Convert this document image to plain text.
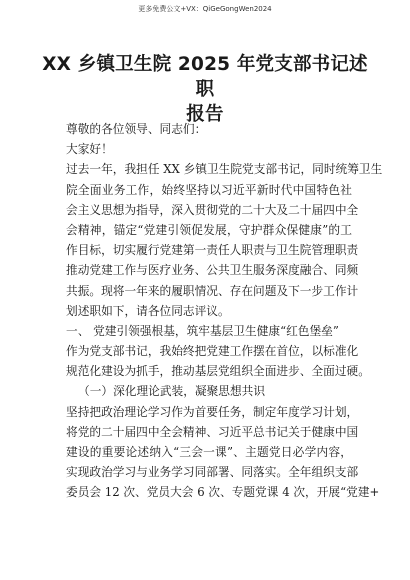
更多免费公文+VX：QiGeGongWen2024
XX 乡镇卫生院 2025 年党支部书记述职
报告
尊敬的各位领导、同志们：
大家好！
过去一年，我担任 XX 乡镇卫生院党支部书记，同时统筹卫生
院全面业务工作，始终坚持以习近平新时代中国特色社
会主义思想为指导，深入贯彻党的二十大及二十届四中全
会精神，锚定“党建引领促发展，守护群众保健康”的工
作目标，切实履行党建第一责任人职责与卫生院管理职责
推动党建工作与医疗业务、公共卫生服务深度融合、同频
共振。现将一年来的履职情况、存在问题及下一步工作计
划述职如下，请各位同志评议。
一、 党建引领强根基，筑牢基层卫生健康“红色堡垒”
作为党支部书记，我始终把党建工作摆在首位，以标准化
规范化建设为抓手，推动基层党组织全面进步、全面过硬。
（一）深化理论武装，凝聚思想共识
坚持把政治理论学习作为首要任务，制定年度学习计划，
将党的二十届四中全会精神、习近平总书记关于健康中国
建设的重要论述纳入“三会一课”、主题党日必学内容，
实现政治学习与业务学习同部署、同落实。全年组织支部
委员会 12 次、党员大会 6 次、专题党课 4 次，开展“党建+
